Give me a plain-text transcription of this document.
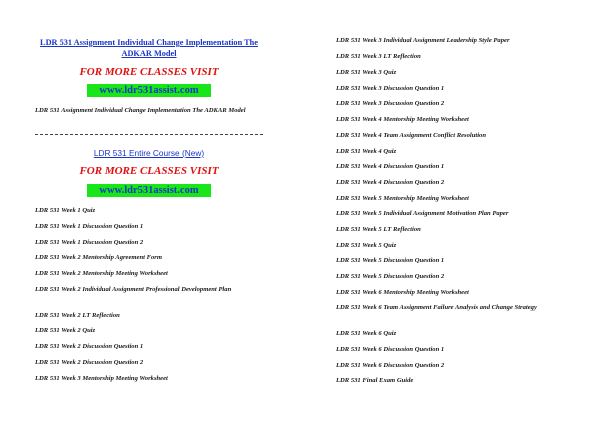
LDR 531 Assignment Individual Change Implementation The ADKAR Model
FOR MORE CLASSES VISIT
www.ldr531assist.com
LDR 531 Assignment Individual Change Implementation The ADKAR Model
LDR 531 Entire Course (New)
FOR MORE CLASSES VISIT
www.ldr531assist.com
LDR 531 Week 1 Quiz
LDR 531 Week 1 Discussion Question 1
LDR 531 Week 1 Discussion Question 2
LDR 531 Week 2 Mentorship Agreement Form
LDR 531 Week 2 Mentorship Meeting Worksheet
LDR 531 Week 2 Individual Assignment Professional Development Plan
LDR 531 Week 2 LT Reflection
LDR 531 Week 2 Quiz
LDR 531 Week 2 Discussion Question 1
LDR 531 Week 2 Discussion Question 2
LDR 531 Week 3 Mentorship Meeting Worksheet
LDR 531 Week 3 Individual Assignment Leadership Style Paper
LDR 531 Week 3 LT Reflection
LDR 531 Week 3 Quiz
LDR 531 Week 3 Discussion Question 1
LDR 531 Week 3 Discussion Question 2
LDR 531 Week 4 Mentorship Meeting Worksheet
LDR 531 Week 4 Team Assignment Conflict Resolution
LDR 531 Week 4 Quiz
LDR 531 Week 4 Discussion Question 1
LDR 531 Week 4 Discussion Question 2
LDR 531 Week 5 Mentorship Meeting Worksheet
LDR 531 Week 5 Individual Assignment Motivation Plan Paper
LDR 531 Week 5 LT Reflection
LDR 531 Week 5 Quiz
LDR 531 Week 5 Discussion Question 1
LDR 531 Week 5 Discussion Question 2
LDR 531 Week 6 Mentorship Meeting Worksheet
LDR 531 Week 6 Team Assignment Failure Analysis and Change Strategy
LDR 531 Week 6 Quiz
LDR 531 Week 6 Discussion Question 1
LDR 531 Week 6 Discussion Question 2
LDR 531 Final Exam Guide
